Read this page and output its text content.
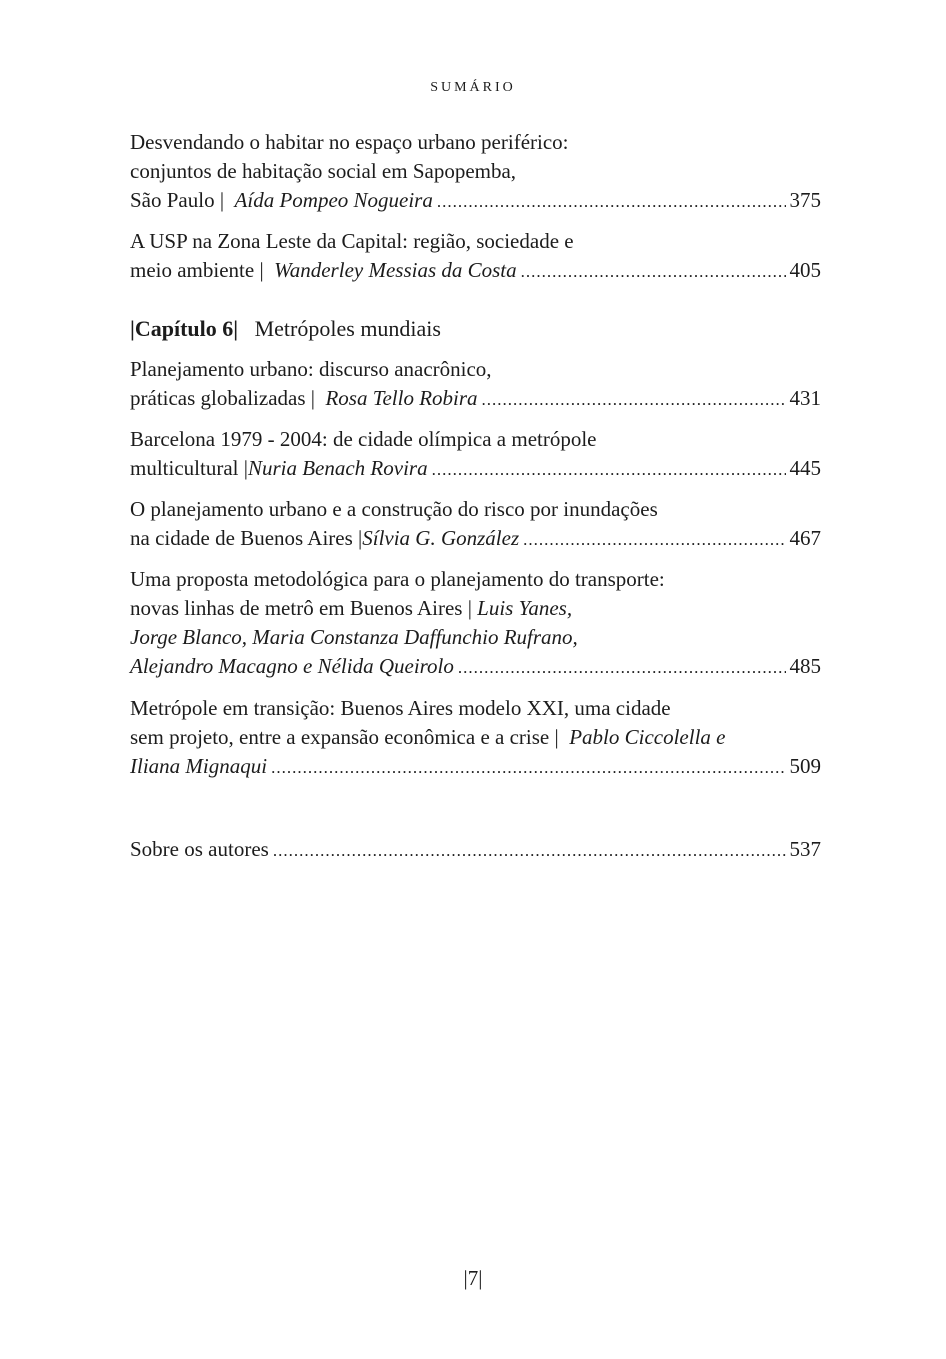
SUMÁRIO
Desvendando o habitar no espaço urbano periférico:
conjuntos de habitação social em Sapopemba,
São Paulo |
Aída Pompeo Nogueira .....	375
A USP na Zona Leste da Capital: região, sociedade e
meio ambiente |
Wanderley Messias da Costa .....	405
|Capítulo 6| Metrópoles mundiais
Planejamento urbano: discurso anacrônico,
práticas globalizadas |
Rosa Tello Robira .....	431
Barcelona 1979 - 2004: de cidade olímpica a metrópole
multicultural | Nuria Benach Rovira .....	445
O planejamento urbano e a construção do risco por inundações
na cidade de Buenos Aires | Sílvia G. González .....	467
Uma proposta metodológica para o planejamento do transporte:
novas linhas de metrô em Buenos Aires | Luis Yanes,
Jorge Blanco, Maria Constanza Daffunchio Rufrano,
Alejandro Macagno e Nélida Queirolo .....	485
Metrópole em transição: Buenos Aires modelo XXI, uma cidade
sem projeto, entre a expansão econômica e a crise | Pablo Ciccolella e
Iliana Mignaqui .....	509
Sobre os autores .....	537
|7|
